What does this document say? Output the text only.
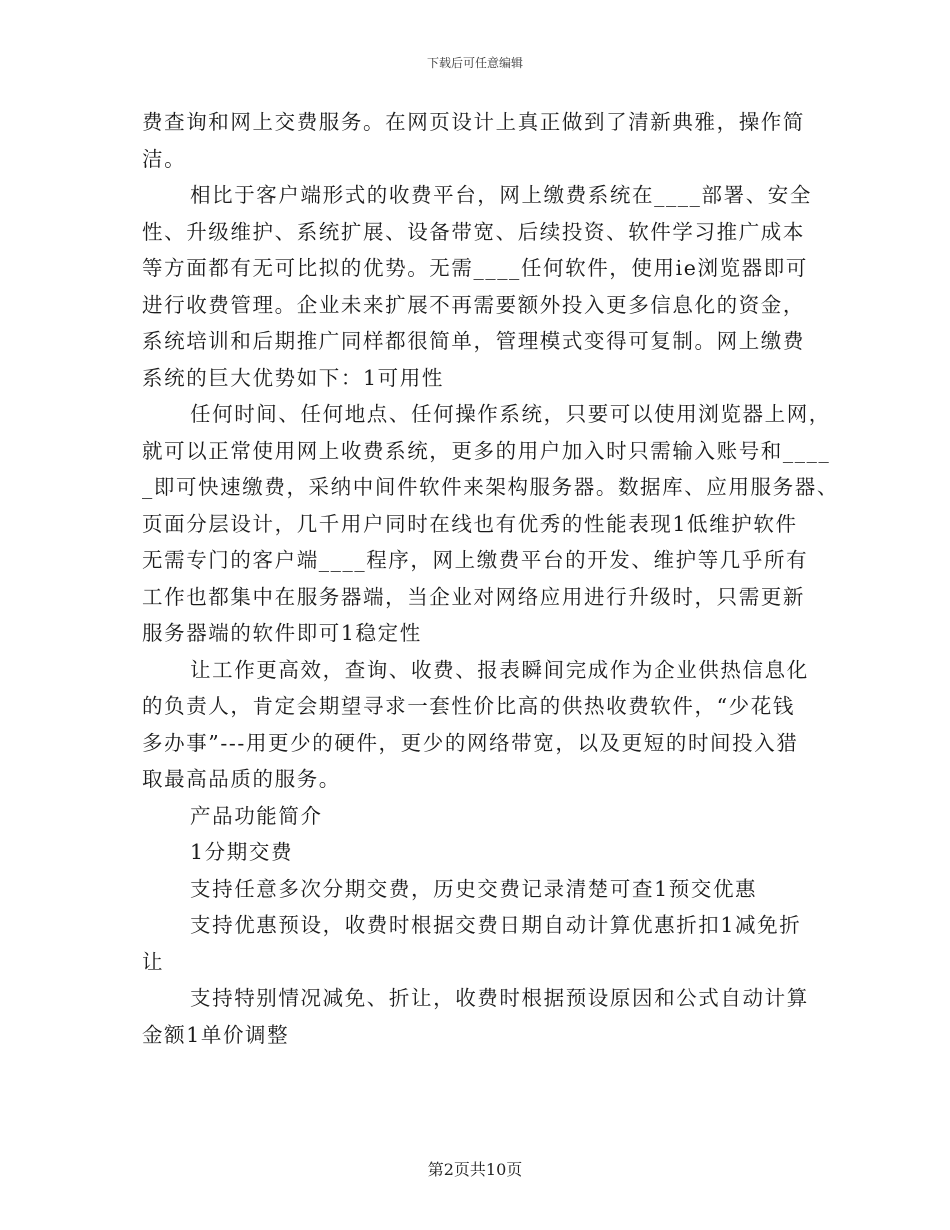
下载后可任意编辑
费查询和网上交费服务。在网页设计上真正做到了清新典雅，操作简
洁。
相比于客户端形式的收费平台，网上缴费系统在____部署、安全
性、升级维护、系统扩展、设备带宽、后续投资、软件学习推广成本
等方面都有无可比拟的优势。无需____任何软件，使用ie浏览器即可
进行收费管理。企业未来扩展不再需要额外投入更多信息化的资金，
系统培训和后期推广同样都很简单，管理模式变得可复制。网上缴费
系统的巨大优势如下：1可用性
任何时间、任何地点、任何操作系统，只要可以使用浏览器上网，
就可以正常使用网上收费系统，更多的用户加入时只需输入账号和____
_即可快速缴费，采纳中间件软件来架构服务器。数据库、应用服务器、
页面分层设计，几千用户同时在线也有优秀的性能表现1低维护软件
无需专门的客户端____程序，网上缴费平台的开发、维护等几乎所有
工作也都集中在服务器端，当企业对网络应用进行升级时，只需更新
服务器端的软件即可1稳定性
让工作更高效，查询、收费、报表瞬间完成作为企业供热信息化
的负责人，肯定会期望寻求一套性价比高的供热收费软件，“少花钱
多办事”---用更少的硬件，更少的网络带宽，以及更短的时间投入猎
取最高品质的服务。
产品功能简介
1分期交费
支持任意多次分期交费，历史交费记录清楚可查1预交优惠
支持优惠预设，收费时根据交费日期自动计算优惠折扣1减免折
让
支持特别情况减免、折让，收费时根据预设原因和公式自动计算
金额1单价调整
第2页共10页
